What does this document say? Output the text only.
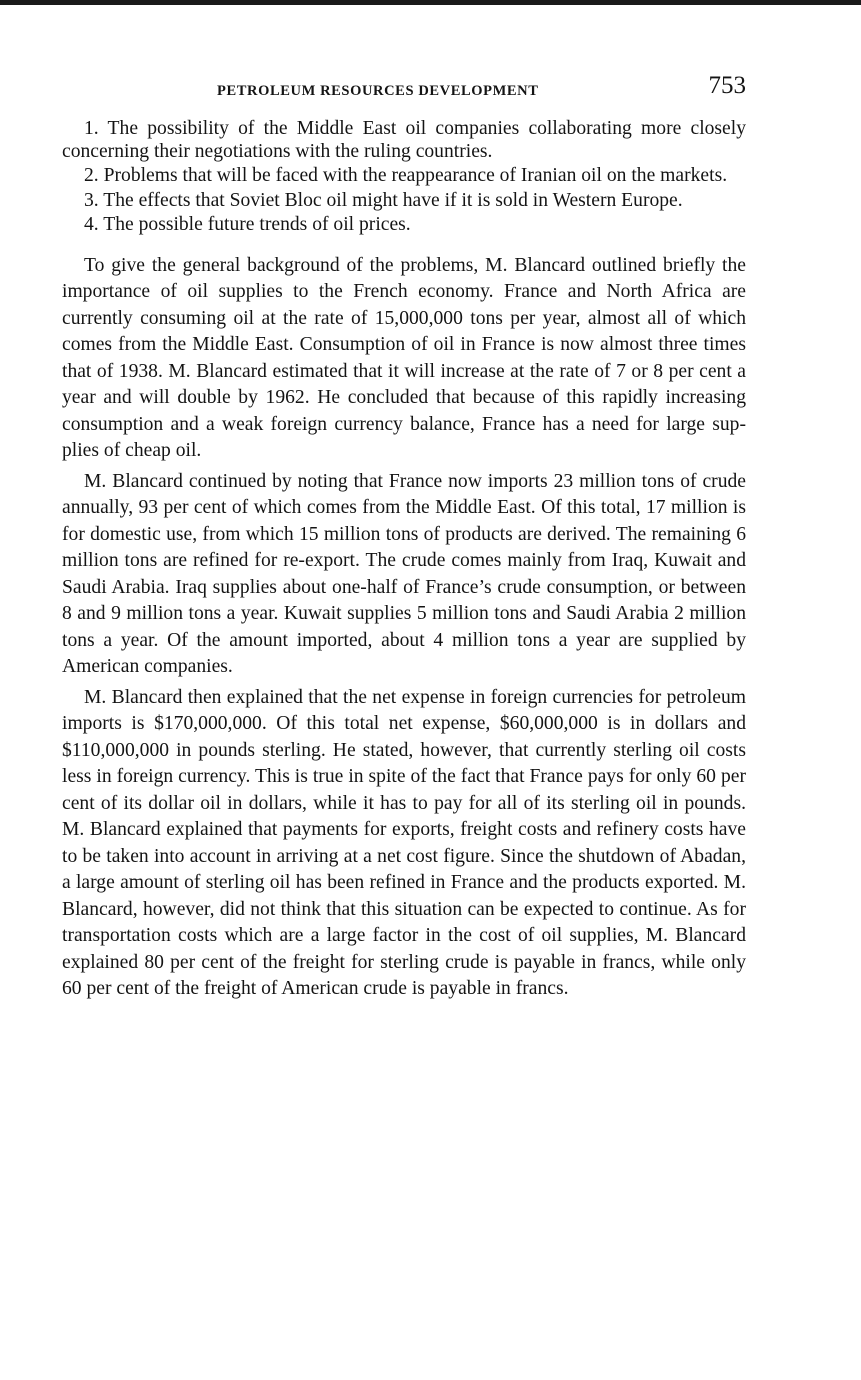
PETROLEUM RESOURCES DEVELOPMENT	753
1. The possibility of the Middle East oil companies collaborating more closely concerning their negotiations with the ruling countries.
2. Problems that will be faced with the reappearance of Iranian oil on the markets.
3. The effects that Soviet Bloc oil might have if it is sold in Western Europe.
4. The possible future trends of oil prices.

To give the general background of the problems, M. Blancard outlined briefly the importance of oil supplies to the French economy. France and North Africa are currently consuming oil at the rate of 15,000,000 tons per year, almost all of which comes from the Middle East. Consumption of oil in France is now almost three times that of 1938. M. Blancard estimated that it will increase at the rate of 7 or 8 per cent a year and will double by 1962. He concluded that because of this rapidly increasing consumption and a weak foreign currency balance, France has a need for large supplies of cheap oil.

M. Blancard continued by noting that France now imports 23 million tons of crude annually, 93 per cent of which comes from the Middle East. Of this total, 17 million is for domestic use, from which 15 million tons of products are derived. The remaining 6 million tons are refined for re-export. The crude comes mainly from Iraq, Kuwait and Saudi Arabia. Iraq supplies about one-half of France’s crude consumption, or between 8 and 9 million tons a year. Kuwait supplies 5 million tons and Saudi Arabia 2 million tons a year. Of the amount imported, about 4 million tons a year are supplied by American companies.

M. Blancard then explained that the net expense in foreign currencies for petroleum imports is $170,000,000. Of this total net expense, $60,000,000 is in dollars and $110,000,000 in pounds sterling. He stated, however, that currently sterling oil costs less in foreign currency. This is true in spite of the fact that France pays for only 60 per cent of its dollar oil in dollars, while it has to pay for all of its sterling oil in pounds. M. Blancard explained that payments for exports, freight costs and refinery costs have to be taken into account in arriving at a net cost figure. Since the shutdown of Abadan, a large amount of sterling oil has been refined in France and the products exported. M. Blancard, however, did not think that this situation can be expected to continue. As for transportation costs which are a large factor in the cost of oil supplies, M. Blancard explained 80 per cent of the freight for sterling crude is payable in francs, while only 60 per cent of the freight of American crude is payable in francs.
